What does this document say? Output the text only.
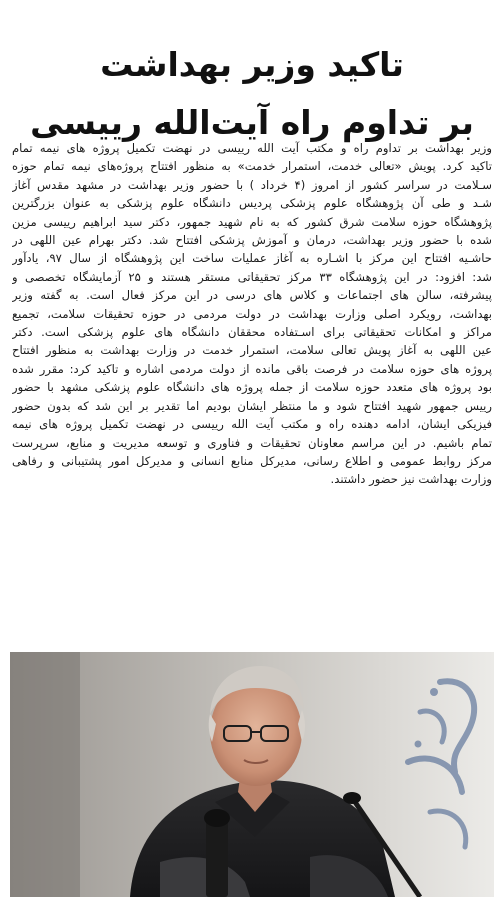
تاکید وزیر بهداشت
بر تداوم راه آیت‌الله رییسی
وزیر بهداشت بر تداوم راه و مکتب آیت الله رییسی در نهضت تکمیل پروژه های نیمه تمام
تاکید کرد. پویش «تعالی خدمت، استمرار خدمت» به منظور افتتاح پروژه‌های نیمه تمام حوزه
سـلامت در سراسر کشور از امروز (۴ خرداد ) با حضور وزیر بهداشت در مشهد مقدس آغاز
شـد و طی آن پژوهشگاه علوم پزشکی پردیس دانشگاه علوم پزشکی به عنوان بزرگترین
پژوهشگاه حوزه سلامت شرق کشور که به نام شهید جمهور، دکتر سید ابراهیم رییسی مزین
شده با حضور وزیر بهداشت، درمان و آموزش پزشکی افتتاح شد. دکتر بهرام عین اللهی در
حاشـیه افتتاح این مرکز با اشـاره به آغاز عملیات ساخت این پژوهشگاه از سال ۹۷، یادآور
شد: افزود: در این پژوهشگاه ۳۳ مرکز تحقیقاتی مستقر هستند و ۲۵ آزمایشگاه تخصصی و
پیشرفته، سالن های اجتماعات و کلاس های درسی در این مرکز فعال است. به گفته وزیر
بهداشت، رویکرد اصلی وزارت بهداشت در دولت مردمی در حوزه تحقیقات سلامت، تجمیع
مراکز و امکانات تحقیقاتی برای اسـتفاده محققان دانشگاه های علوم پزشکی است. دکتر
عین اللهی به آغاز پویش تعالی سلامت، استمرار خدمت در وزارت بهداشت به منظور افتتاح
پروژه های حوزه سلامت در فرصت باقی مانده از دولت مردمی اشاره و تاکید کرد: مقرر شده
بود پروژه های متعدد حوزه سلامت از جمله پروژه های دانشگاه علوم پزشکی مشهد با حضور
رییس جمهور شهید افتتاح شود و ما منتظر ایشان بودیم اما تقدیر بر این شد که بدون حضور
فیزیکی ایشان، ادامه دهنده راه و مکتب آیت الله رییسی در نهضت تکمیل پروژه های نیمه
تمام باشیم. در این مراسم معاونان تحقیقات و فناوری و توسعه مدیریت و منابع، سرپرست
مرکز روابط عمومی و اطلاع رسانی، مدیرکل منابع انسانی و مدیرکل امور پشتیبانی و رفاهی
وزارت بهداشت نیز حضور داشتند.
